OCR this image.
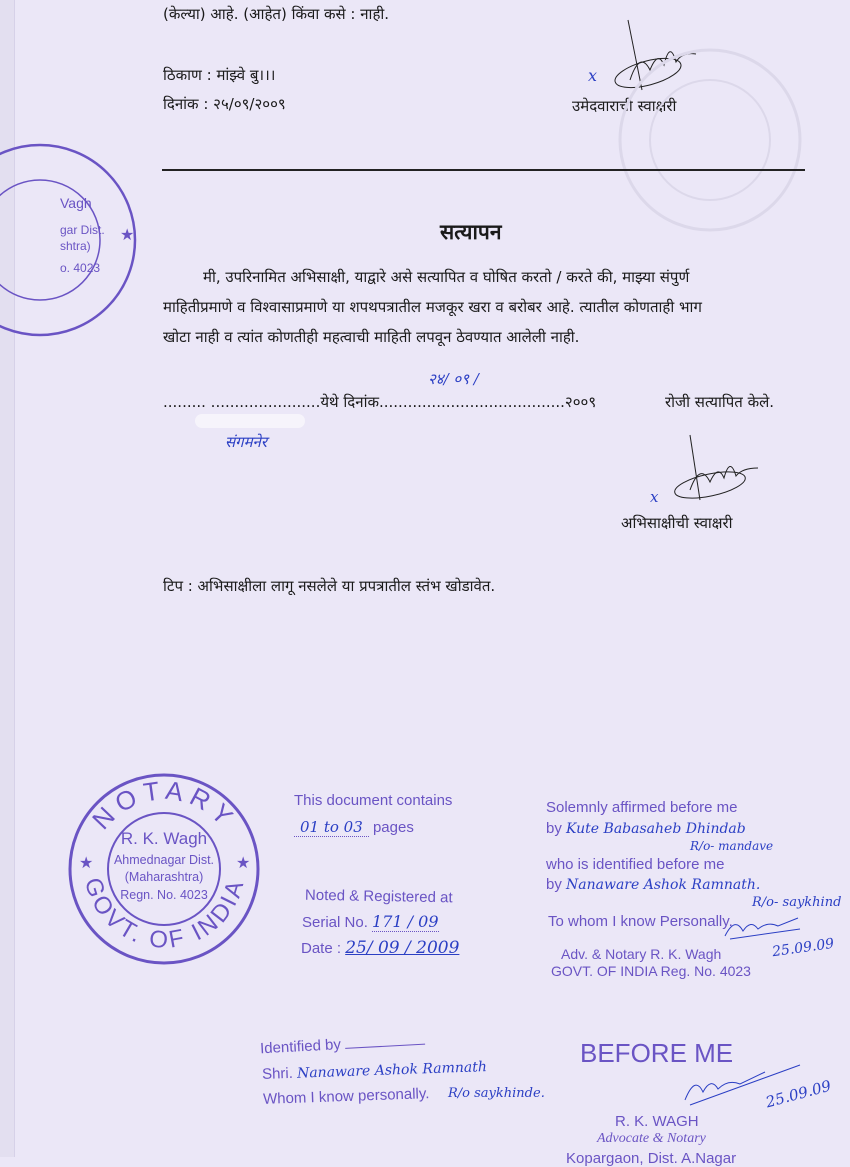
(केल्या) आहे. (आहेत) किंवा कसे : नाही.
ठिकाण : मांझ्वे बु।।।
दिनांक : २५/०९/२००९
x
उमेदवाराची स्वाक्षरी
Vagh
gar Dist.
shtra)
o. 4023
★	सत्यापन
मी, उपरिनामित अभिसाक्षी, याद्वारे असे सत्यापित व घोषित करतो / करते की, माझ्या संपुर्ण
माहितीप्रमाणे व विश्वासाप्रमाणे या शपथपत्रातील मजकूर खरा व बरोबर आहे. त्यातील कोणताही भाग
खोटा नाही व त्यांत कोणतीही महत्वाची माहिती लपवून ठेवण्यात आलेली नाही.
......... .......................येथे दिनांक.......................................२००९
२४/ ०९ /
रोजी सत्यापित केले.
संगमनेर
x
अभिसाक्षीची स्वाक्षरी
टिप : अभिसाक्षीला लागू नसलेले या प्रपत्रातील स्तंभ खोडावेत.
NOTARY
GOVT. OF INDIA
★	★
R. K. Wagh
Ahmednagar Dist.
(Maharashtra)
Regn. No. 4023
This document contains
01 to 03 pages
Noted & Registered at
Serial No. 171 / 09
Date : 25/ 09 / 2009
Solemnly affirmed before me
by Kute Babasaheb Dhindab
R/o- mandave
who is identified before me
by Nanaware Ashok Ramnath.
R/o- saykhind
To whom I know Personally.
Adv. & Notary R. K. Wagh
GOVT. OF INDIA Reg. No. 4023
25.09.09
Identified by
Shri. Nanaware Ashok Ramnath
Whom I know personally. R/o saykhinde.
BEFORE ME
25.09.09
R. K. WAGH
Advocate & Notary
Kopargaon, Dist. A.Nagar
